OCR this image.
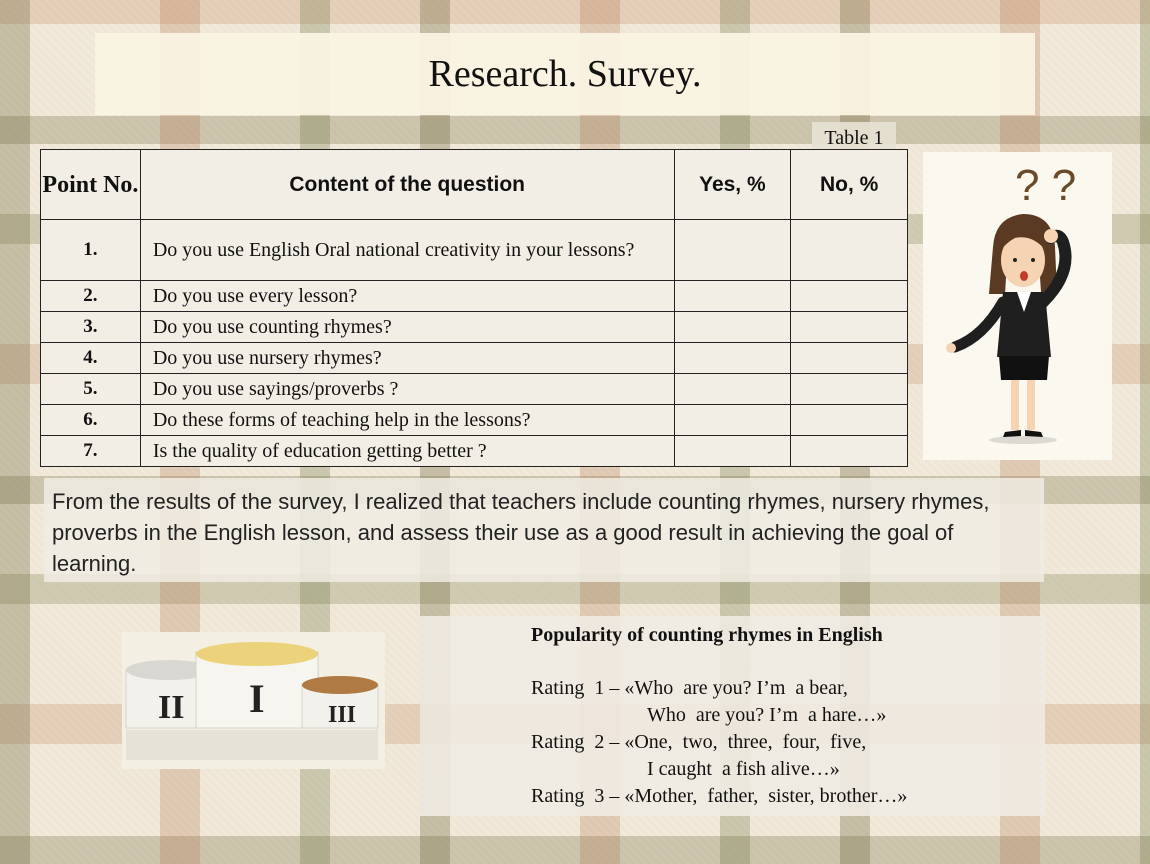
Research. Survey.
Table 1
Point No.	Content of the question	Yes, %	No, %
1.	Do you use English Oral national creativity in your lessons?		
2.	Do you use every lesson?		
3.	Do you use counting rhymes?		
4.	Do you use nursery rhymes?		
5.	Do you use sayings/proverbs ?		
6.	Do these forms of teaching help in the lessons?		
7.	Is the quality of education getting better ?		
? ?
From the results of the survey, I realized that teachers include counting rhymes, nursery rhymes, proverbs in the English lesson, and assess their use as a good result in achieving the goal of learning.
II I	III
Popularity of counting rhymes in English
Rating  1 – «Who  are you? I’m  a bear,
Who  are you? I’m  a hare…»
Rating  2 – «One,  two,  three,  four,  five,
I caught  a fish alive…»
Rating  3 – «Mother,  father,  sister, brother…»
